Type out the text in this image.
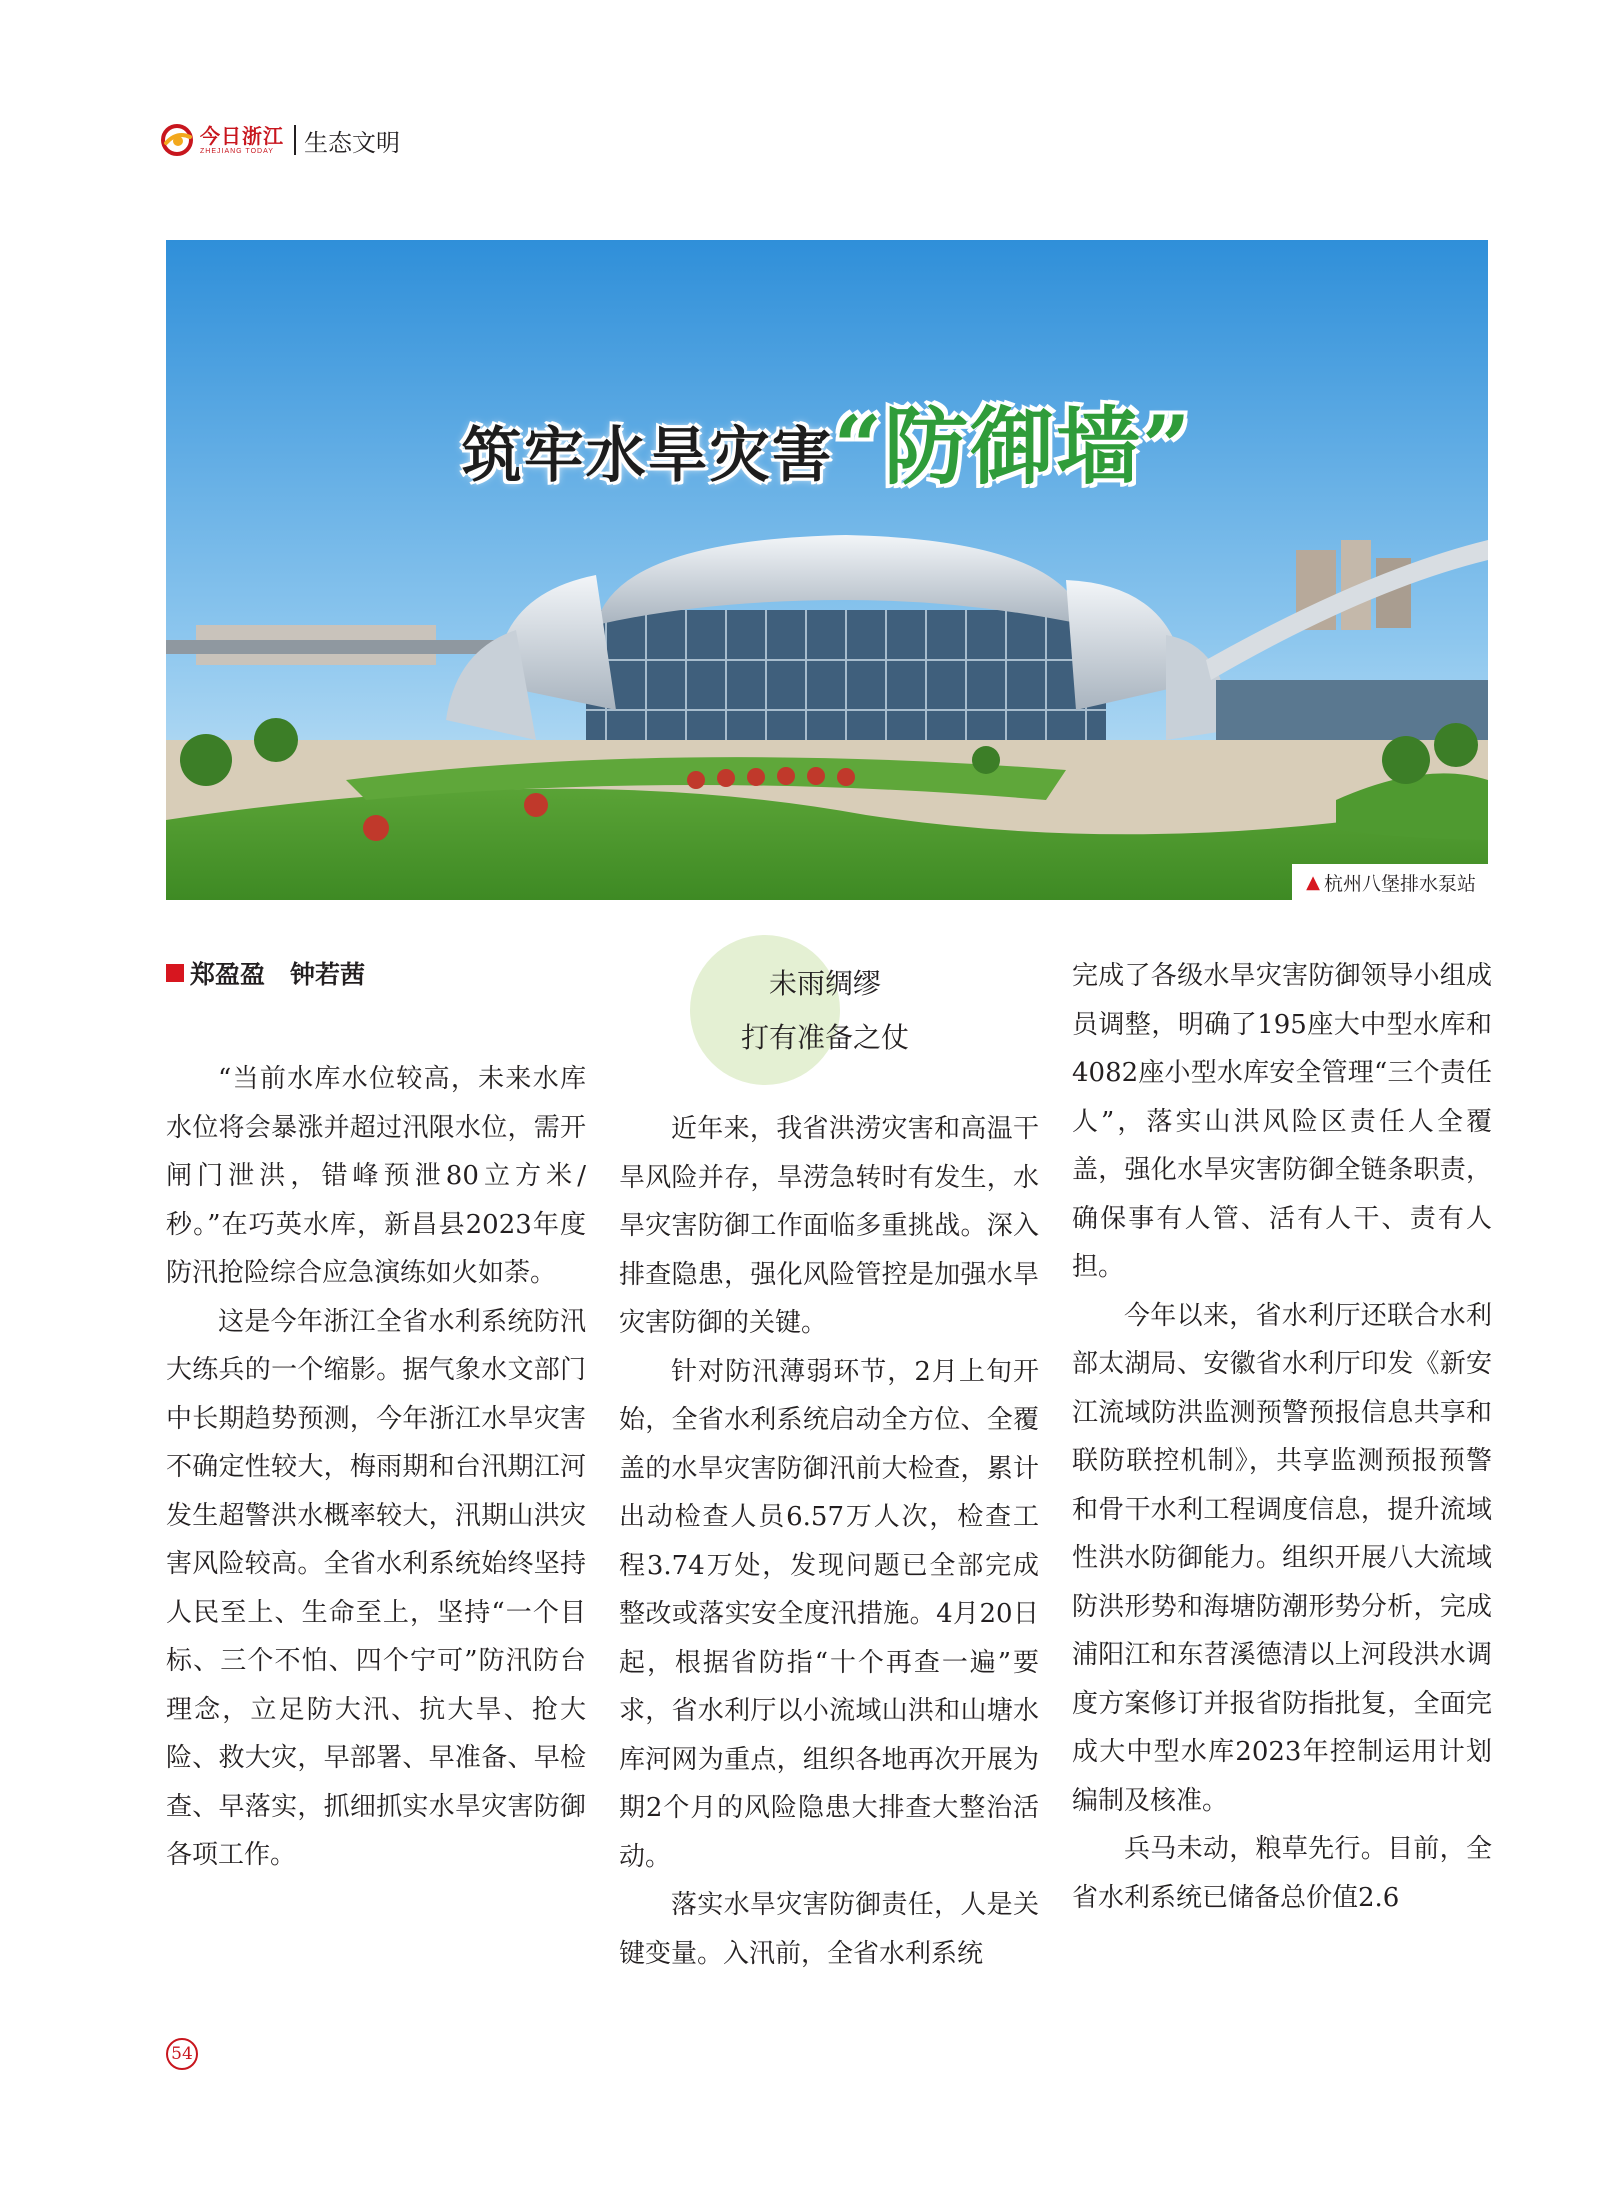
今日浙江
ZHEJIANG TODAY	生态文明
筑牢水旱灾害“防御墙”
▲ 杭州八堡排水泵站
郑盈盈　钟若茜	未雨绸缪
打有准备之仗

“当前水库水位较高，未来水库水位将会暴涨并超过汛限水位，需开闸门泄洪，错峰预泄80立方米/秒。”在巧英水库，新昌县2023年度防汛抢险综合应急演练如火如荼。

这是今年浙江全省水利系统防汛大练兵的一个缩影。据气象水文部门中长期趋势预测，今年浙江水旱灾害不确定性较大，梅雨期和台汛期江河发生超警洪水概率较大，汛期山洪灾害风险较高。全省水利系统始终坚持人民至上、生命至上，坚持“一个目标、三个不怕、四个宁可”防汛防台理念，立足防大汛、抗大旱、抢大险、救大灾，早部署、早准备、早检查、早落实，抓细抓实水旱灾害防御各项工作。

近年来，我省洪涝灾害和高温干旱风险并存，旱涝急转时有发生，水旱灾害防御工作面临多重挑战。深入排查隐患，强化风险管控是加强水旱灾害防御的关键。

针对防汛薄弱环节，2月上旬开始，全省水利系统启动全方位、全覆盖的水旱灾害防御汛前大检查，累计出动检查人员6.57万人次，检查工程3.74万处，发现问题已全部完成整改或落实安全度汛措施。4月20日起，根据省防指“十个再查一遍”要求，省水利厅以小流域山洪和山塘水库河网为重点，组织各地再次开展为期2个月的风险隐患大排查大整治活动。

落实水旱灾害防御责任，人是关键变量。入汛前，全省水利系统

完成了各级水旱灾害防御领导小组成员调整，明确了195座大中型水库和4082座小型水库安全管理“三个责任人”，落实山洪风险区责任人全覆盖，强化水旱灾害防御全链条职责，确保事有人管、活有人干、责有人担。

今年以来，省水利厅还联合水利部太湖局、安徽省水利厅印发《新安江流域防洪监测预警预报信息共享和联防联控机制》，共享监测预报预警和骨干水利工程调度信息，提升流域性洪水防御能力。组织开展八大流域防洪形势和海塘防潮形势分析，完成浦阳江和东苕溪德清以上河段洪水调度方案修订并报省防指批复，全面完成大中型水库2023年控制运用计划编制及核准。

兵马未动，粮草先行。目前，全省水利系统已储备总价值2.6

54
